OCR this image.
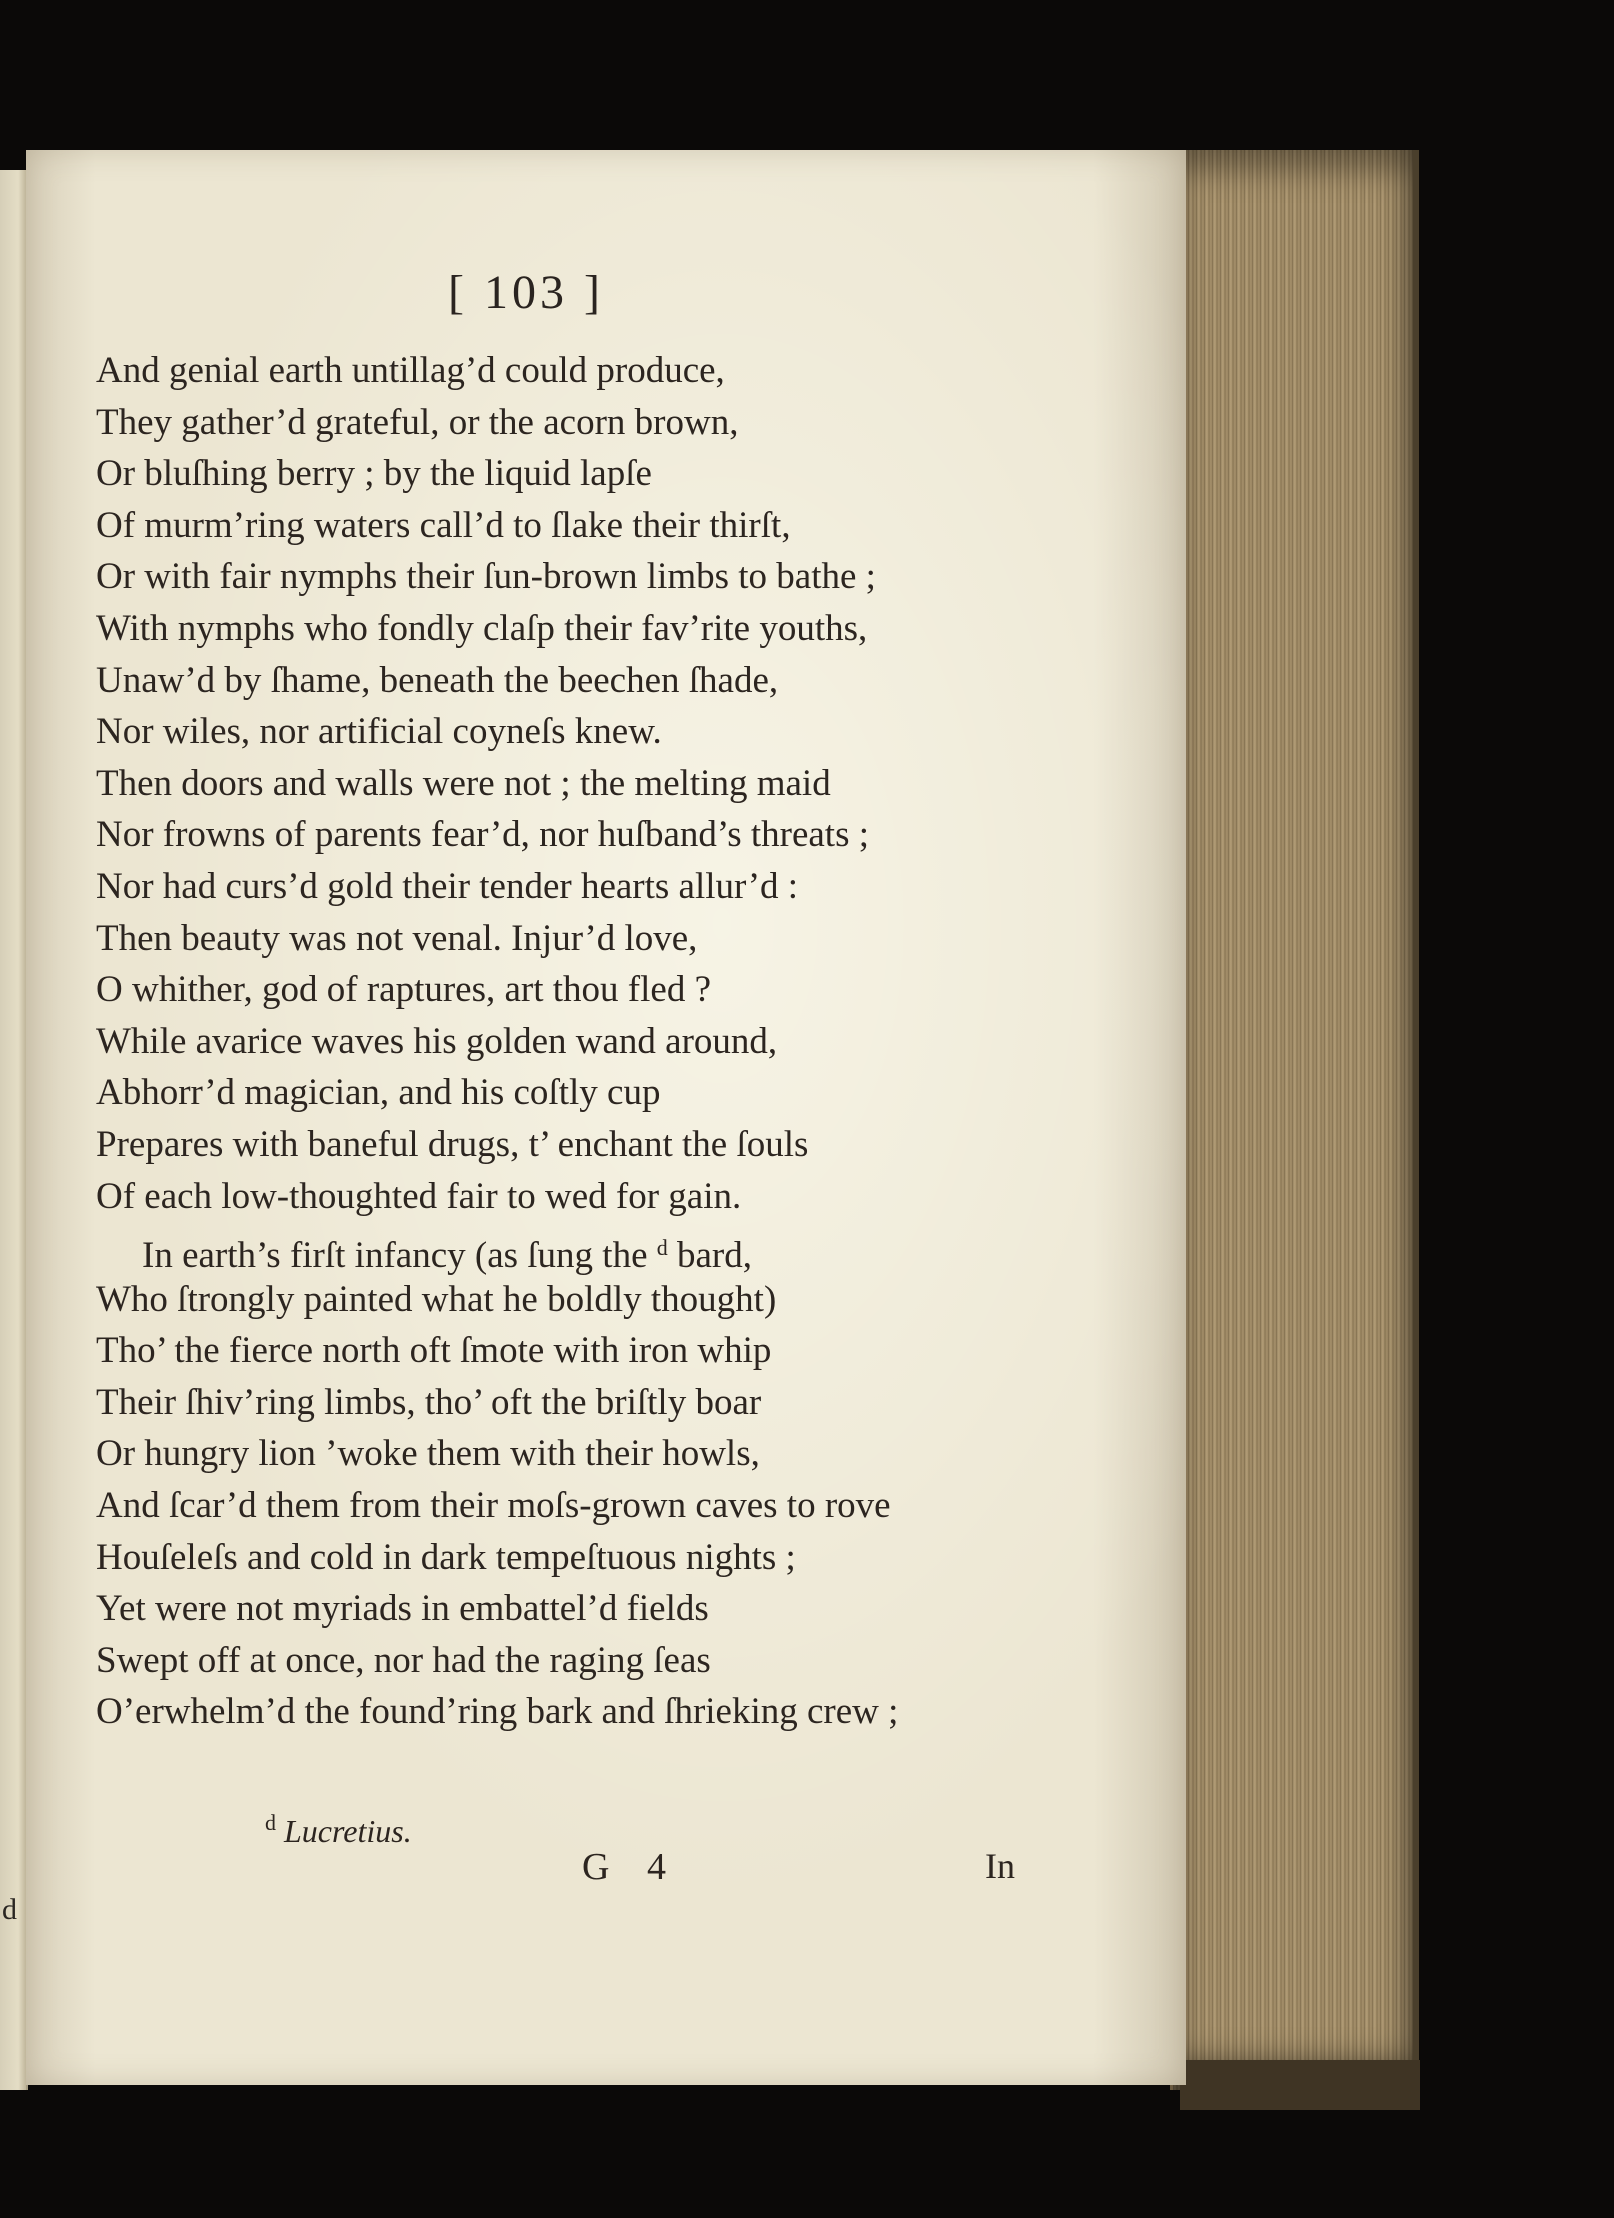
d
[ 103 ]
And genial earth untillag’d could produce,
They gather’d grateful, or the acorn brown,
Or bluſhing berry ; by the liquid lapſe
Of murm’ring waters call’d to ſlake their thirſt,
Or with fair nymphs their ſun-brown limbs to bathe ;
With nymphs who fondly claſp their fav’rite youths,
Unaw’d by ſhame, beneath the beechen ſhade,
Nor wiles, nor artificial coyneſs knew.
Then doors and walls were not ; the melting maid
Nor frowns of parents fear’d, nor huſband’s threats ;
Nor had curs’d gold their tender hearts allur’d :
Then beauty was not venal. Injur’d love,
O whither, god of raptures, art thou fled ?
While avarice waves his golden wand around,
Abhorr’d magician, and his coſtly cup
Prepares with baneful drugs, t’ enchant the ſouls
Of each low-thoughted fair to wed for gain.
In earth’s firſt infancy (as ſung the $^d$ bard,
Who ſtrongly painted what he boldly thought)
Tho’ the fierce north oft ſmote with iron whip
Their ſhiv’ring limbs, tho’ oft the briſtly boar
Or hungry lion ’woke them with their howls,
And ſcar’d them from their moſs-grown caves to rove
Houſeleſs and cold in dark tempeſtuous nights ;
Yet were not myriads in embattel’d fields
Swept off at once, nor had the raging ſeas
O’erwhelm’d the found’ring bark and ſhrieking crew ;
$^d$ Lucretius.
G 4	In
